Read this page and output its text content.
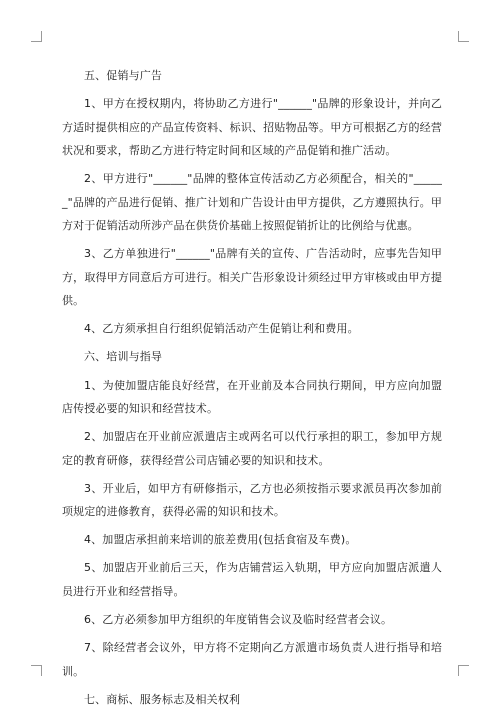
五、促销与广告

1、甲方在授权期内，将协助乙方进行"______"品牌的形象设计，并向乙方适时提供相应的产品宣传资料、标识、招贴物品等。甲方可根据乙方的经营状况和要求，帮助乙方进行特定时间和区域的产品促销和推广活动。

2、甲方进行"______"品牌的整体宣传活动乙方必须配合，相关的"______"品牌的产品进行促销、推广计划和广告设计由甲方提供，乙方遵照执行。甲方对于促销活动所涉产品在供货价基础上按照促销折让的比例给与优惠。

3、乙方单独进行"______"品牌有关的宣传、广告活动时，应事先告知甲方，取得甲方同意后方可进行。相关广告形象设计须经过甲方审核或由甲方提供。

4、乙方须承担自行组织促销活动产生促销让利和费用。

六、培训与指导

1、为使加盟店能良好经营，在开业前及本合同执行期间，甲方应向加盟店传授必要的知识和经营技术。

2、加盟店在开业前应派遣店主或两名可以代行承担的职工，参加甲方规定的教育研修，获得经营公司店铺必要的知识和技术。

3、开业后，如甲方有研修指示，乙方也必须按指示要求派员再次参加前项规定的进修教育，获得必需的知识和技术。

4、加盟店承担前来培训的旅差费用(包括食宿及车费)。

5、加盟店开业前后三天，作为店铺营运入轨期，甲方应向加盟店派遣人员进行开业和经营指导。

6、乙方必须参加甲方组织的年度销售会议及临时经营者会议。

7、除经营者会议外，甲方将不定期向乙方派遣市场负责人进行指导和培训。

七、商标、服务标志及相关权利
